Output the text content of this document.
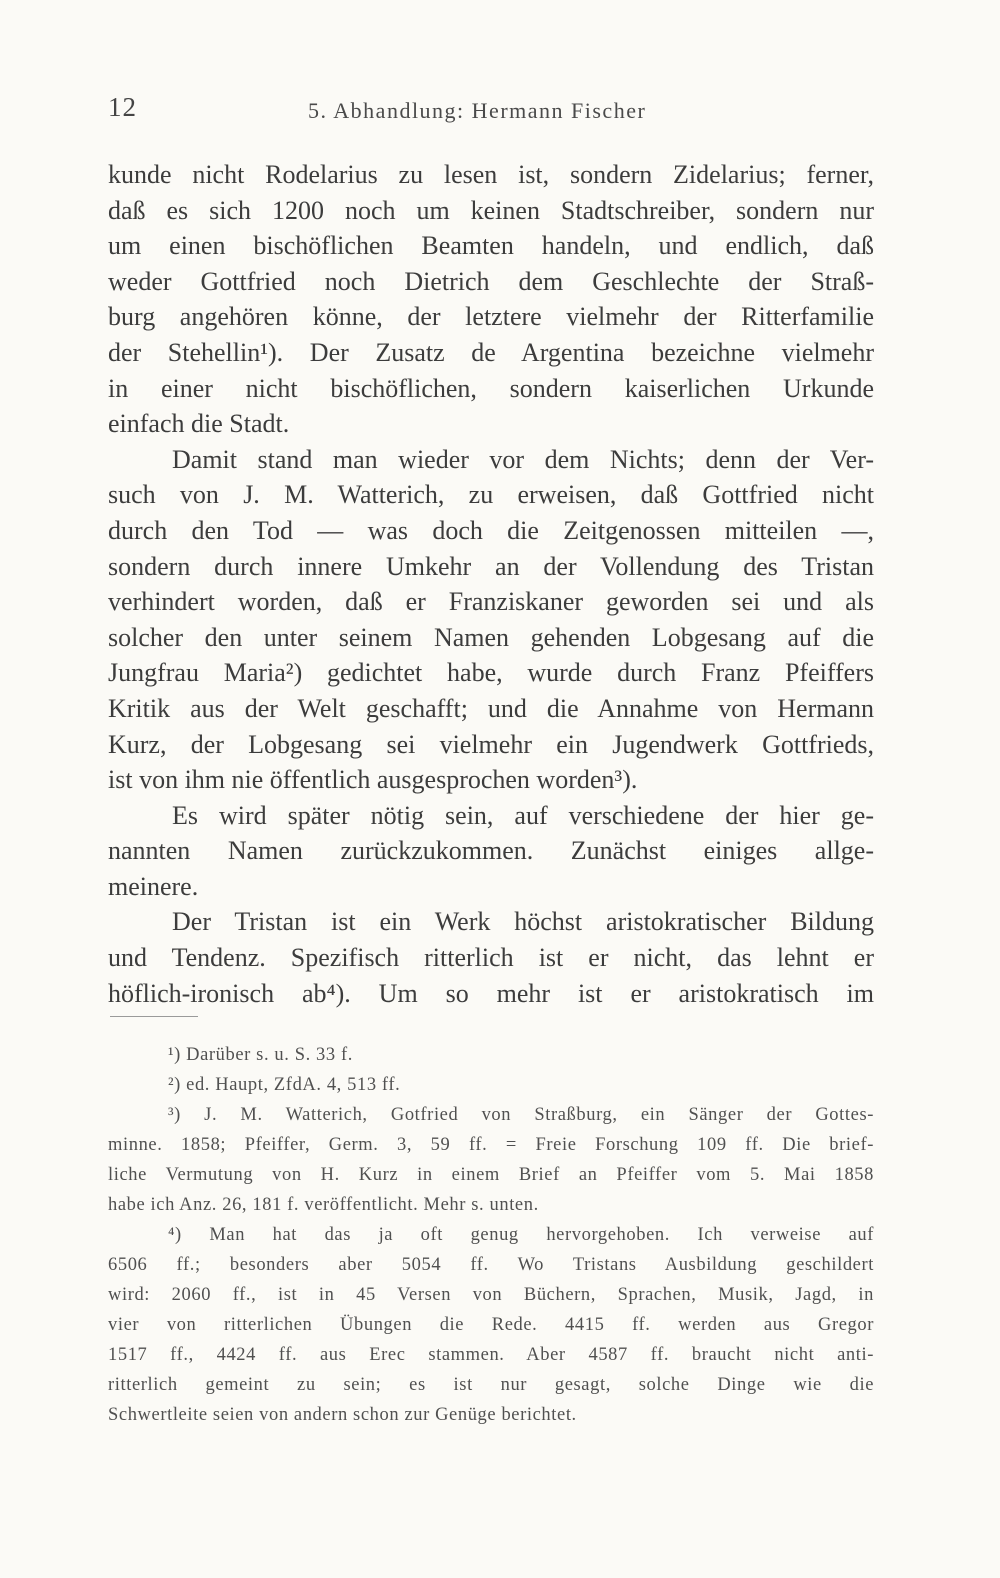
12	5. Abhandlung: Hermann Fischer
kunde nicht Rodelarius zu lesen ist, sondern Zidelarius; ferner,
daß es sich 1200 noch um keinen Stadtschreiber, sondern nur
um einen bischöflichen Beamten handeln, und endlich, daß
weder Gottfried noch Dietrich dem Geschlechte der Straß-
burg angehören könne, der letztere vielmehr der Ritterfamilie
der Stehellin¹). Der Zusatz de Argentina bezeichne vielmehr
in einer nicht bischöflichen, sondern kaiserlichen Urkunde
einfach die Stadt.
Damit stand man wieder vor dem Nichts; denn der Ver-
such von J. M. Watterich, zu erweisen, daß Gottfried nicht
durch den Tod — was doch die Zeitgenossen mitteilen —,
sondern durch innere Umkehr an der Vollendung des Tristan
verhindert worden, daß er Franziskaner geworden sei und als
solcher den unter seinem Namen gehenden Lobgesang auf die
Jungfrau Maria²) gedichtet habe, wurde durch Franz Pfeiffers
Kritik aus der Welt geschafft; und die Annahme von Hermann
Kurz, der Lobgesang sei vielmehr ein Jugendwerk Gottfrieds,
ist von ihm nie öffentlich ausgesprochen worden³).
Es wird später nötig sein, auf verschiedene der hier ge-
nannten Namen zurückzukommen. Zunächst einiges allge-
meinere.
Der Tristan ist ein Werk höchst aristokratischer Bildung
und Tendenz. Spezifisch ritterlich ist er nicht, das lehnt er
höflich-ironisch ab⁴). Um so mehr ist er aristokratisch im
¹) Darüber s. u. S. 33 f.
²) ed. Haupt, ZfdA. 4, 513 ff.
³) J. M. Watterich, Gotfried von Straßburg, ein Sänger der Gottes-
minne. 1858; Pfeiffer, Germ. 3, 59 ff. = Freie Forschung 109 ff. Die brief-
liche Vermutung von H. Kurz in einem Brief an Pfeiffer vom 5. Mai 1858
habe ich Anz. 26, 181 f. veröffentlicht. Mehr s. unten.
⁴) Man hat das ja oft genug hervorgehoben. Ich verweise auf
6506 ff.; besonders aber 5054 ff. Wo Tristans Ausbildung geschildert
wird: 2060 ff., ist in 45 Versen von Büchern, Sprachen, Musik, Jagd, in
vier von ritterlichen Übungen die Rede. 4415 ff. werden aus Gregor
1517 ff., 4424 ff. aus Erec stammen. Aber 4587 ff. braucht nicht anti-
ritterlich gemeint zu sein; es ist nur gesagt, solche Dinge wie die
Schwertleite seien von andern schon zur Genüge berichtet.
